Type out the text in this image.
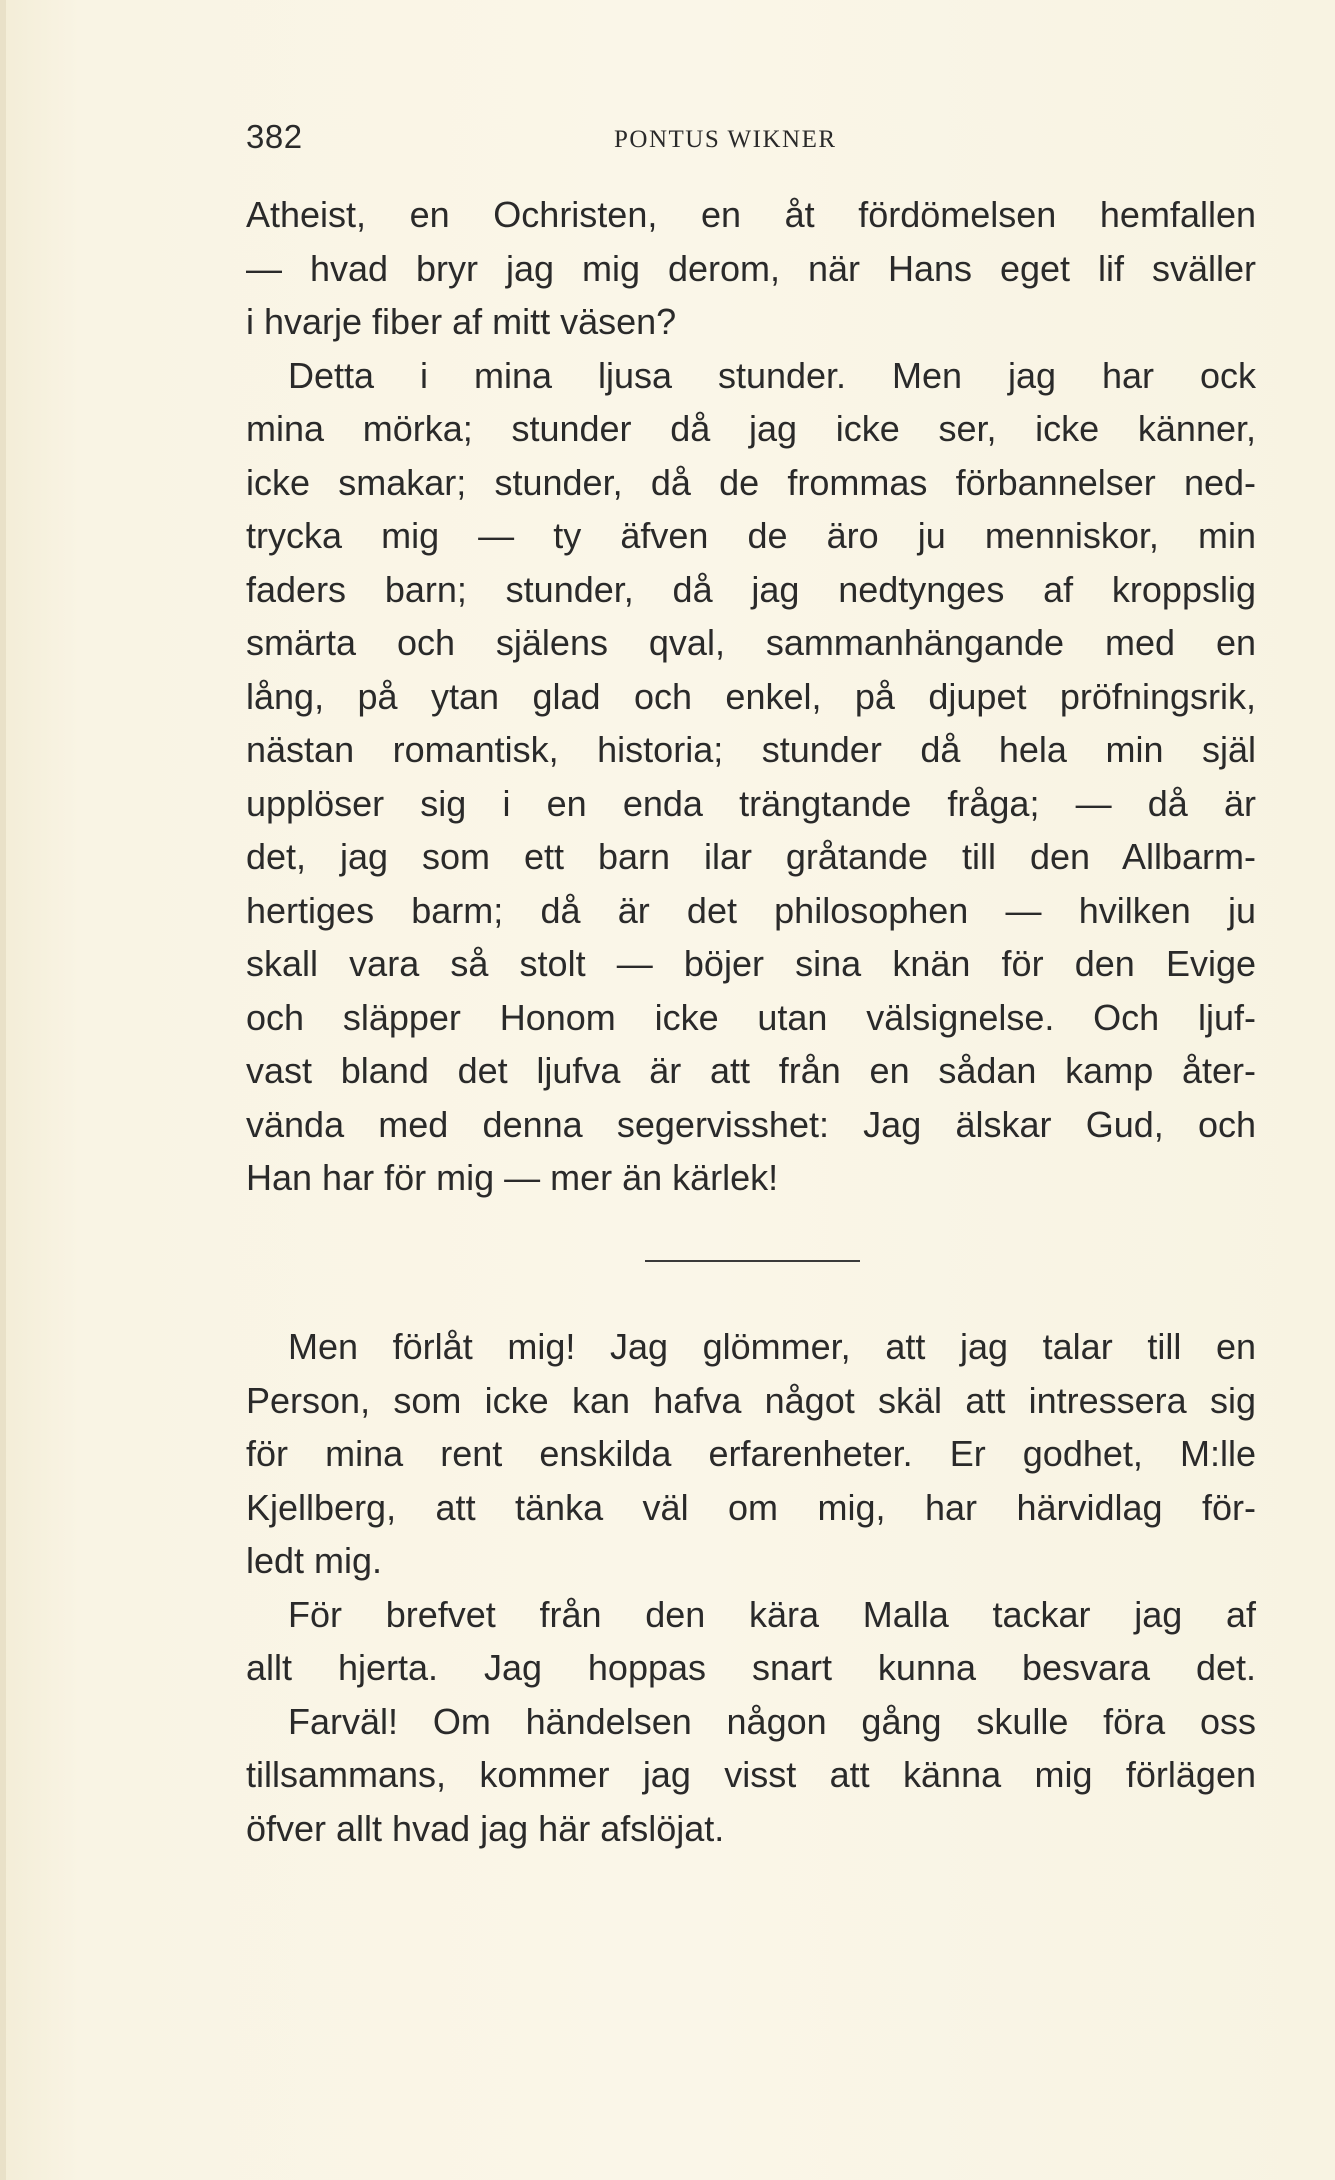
382	PONTUS WIKNER
Atheist, en Ochristen, en åt fördömelsen hemfallen
— hvad bryr jag mig derom, när Hans eget lif sväller
i hvarje fiber af mitt väsen?
Detta i mina ljusa stunder. Men jag har ock
mina mörka; stunder då jag icke ser, icke känner,
icke smakar; stunder, då de frommas förbannelser ned-
trycka mig — ty äfven de äro ju menniskor, min
faders barn; stunder, då jag nedtynges af kroppslig
smärta och själens qval, sammanhängande med en
lång, på ytan glad och enkel, på djupet pröfningsrik,
nästan romantisk, historia; stunder då hela min själ
upplöser sig i en enda trängtande fråga; — då är
det, jag som ett barn ilar gråtande till den Allbarm-
hertiges barm; då är det philosophen — hvilken ju
skall vara så stolt — böjer sina knän för den Evige
och släpper Honom icke utan välsignelse. Och ljuf-
vast bland det ljufva är att från en sådan kamp åter-
vända med denna segervisshet: Jag älskar Gud, och
Han har för mig — mer än kärlek!
Men förlåt mig! Jag glömmer, att jag talar till en
Person, som icke kan hafva något skäl att intressera sig
för mina rent enskilda erfarenheter. Er godhet, M:lle
Kjellberg, att tänka väl om mig, har härvidlag för-
ledt mig.
För brefvet från den kära Malla tackar jag af
allt hjerta. Jag hoppas snart kunna besvara det.
Farväl! Om händelsen någon gång skulle föra oss
tillsammans, kommer jag visst att känna mig förlägen
öfver allt hvad jag här afslöjat.
